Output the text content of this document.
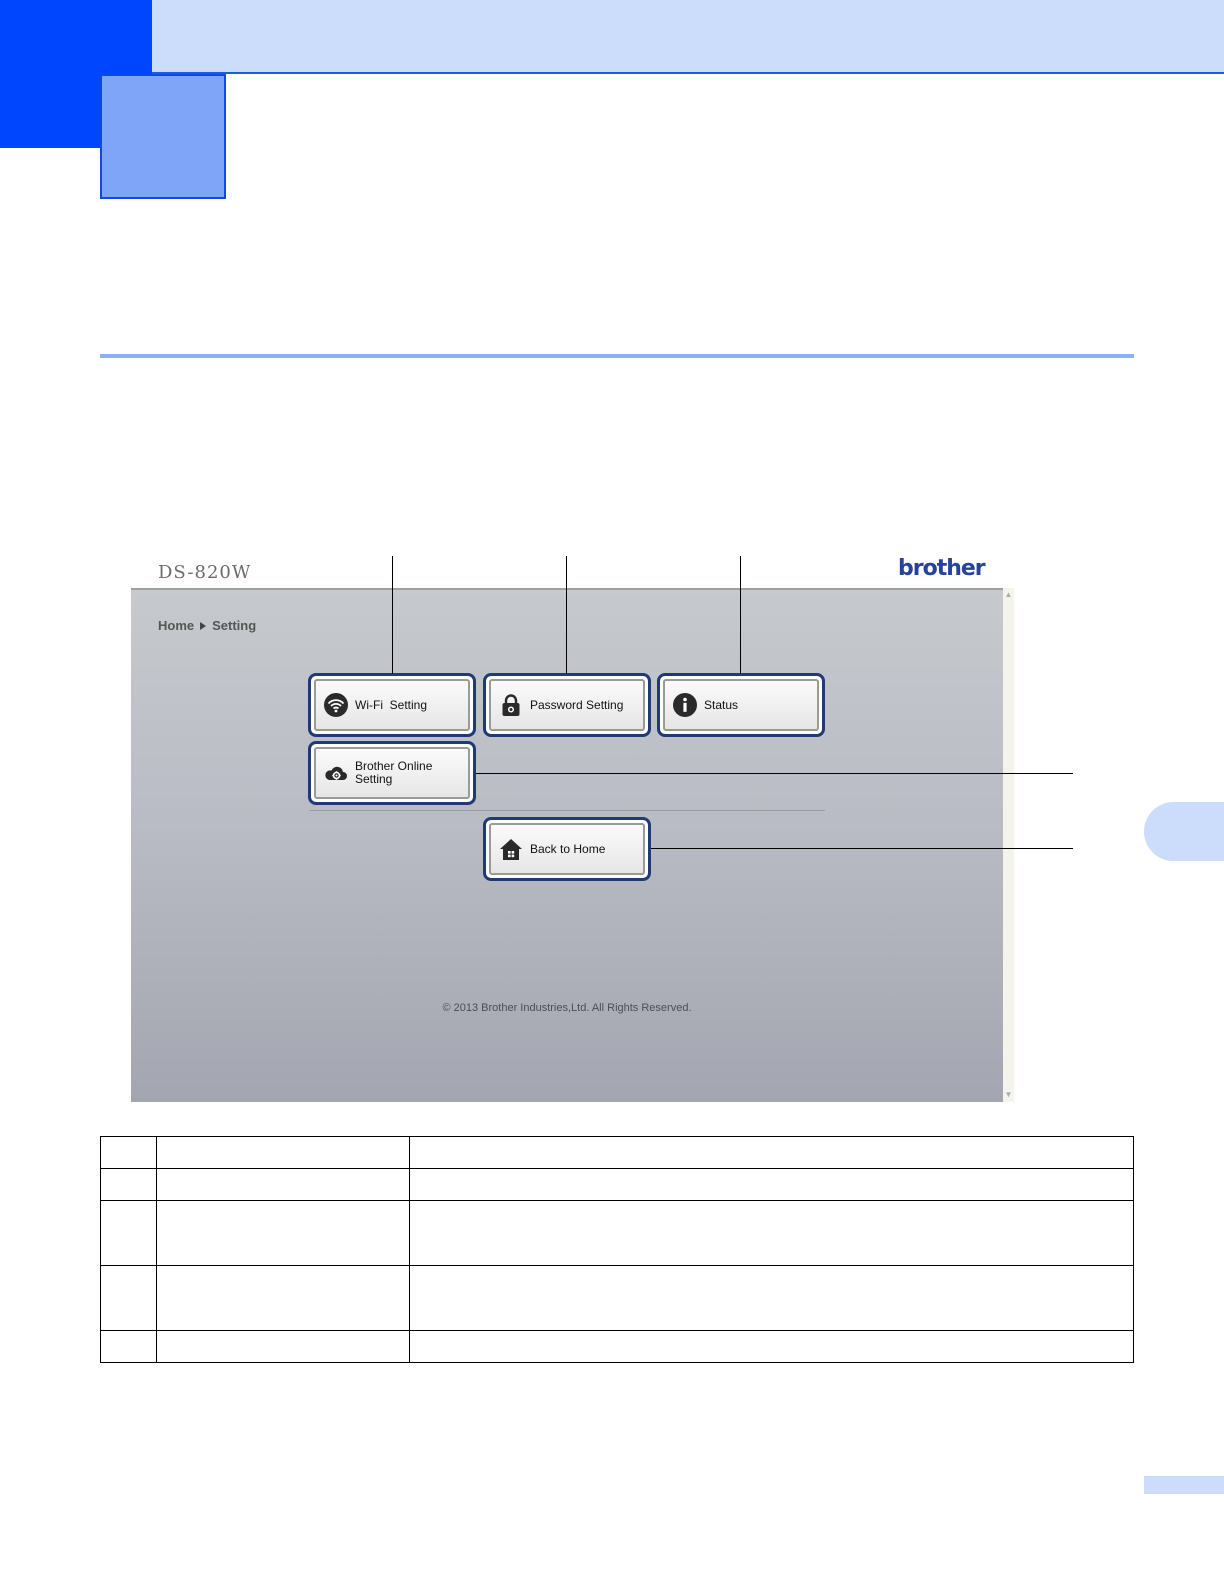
DS-820W	brother
▲
▼
Home Setting
Wi-Fi  Setting	Password Setting	Status
Brother Online
Setting
Back to Home
© 2013 Brother Industries,Ltd. All Rights Reserved.
